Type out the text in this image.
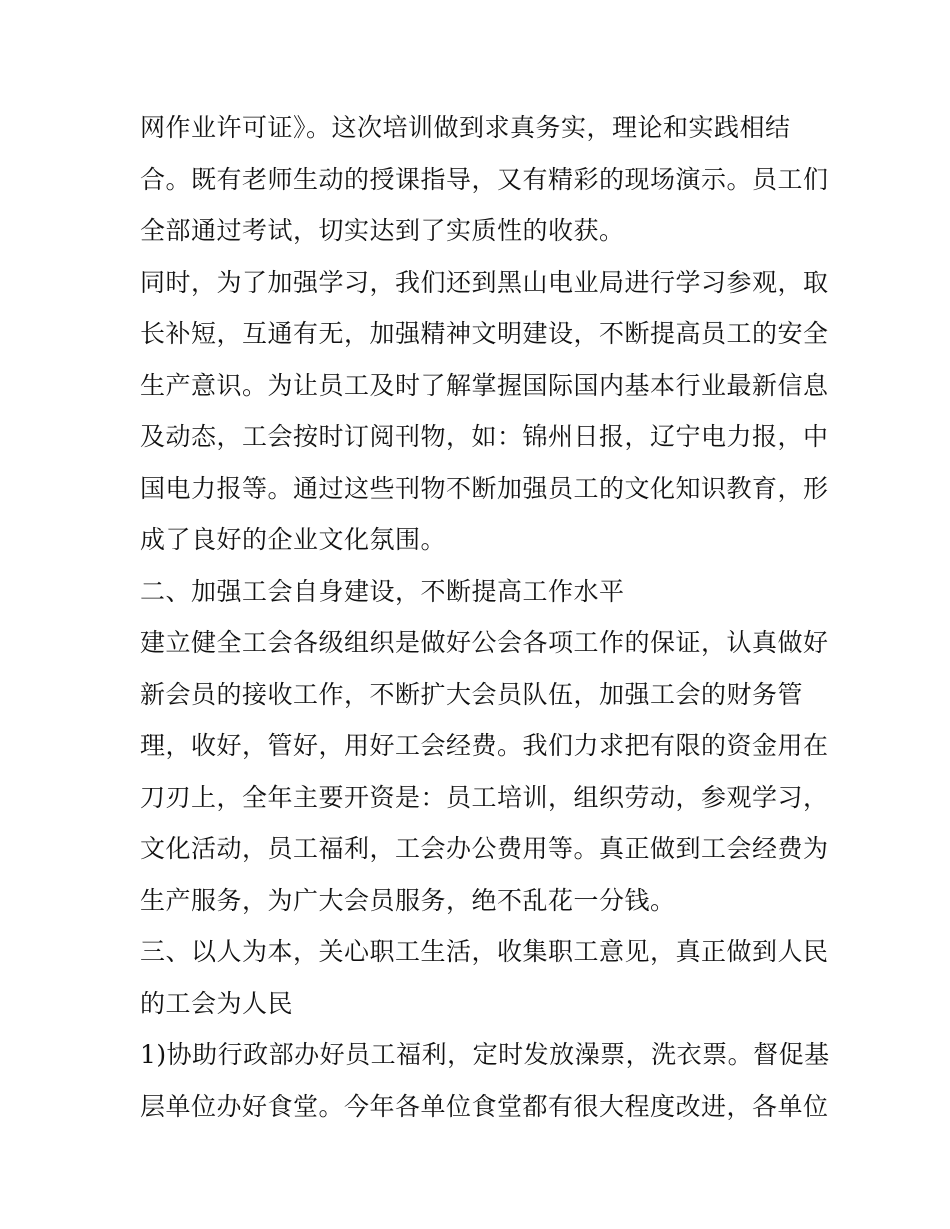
网作业许可证》。这次培训做到求真务实，理论和实践相结
合。既有老师生动的授课指导，又有精彩的现场演示。员工们
全部通过考试，切实达到了实质性的收获。
同时，为了加强学习，我们还到黑山电业局进行学习参观，取
长补短，互通有无，加强精神文明建设，不断提高员工的安全
生产意识。为让员工及时了解掌握国际国内基本行业最新信息
及动态，工会按时订阅刊物，如：锦州日报，辽宁电力报，中
国电力报等。通过这些刊物不断加强员工的文化知识教育，形
成了良好的企业文化氛围。
二、加强工会自身建设，不断提高工作水平
建立健全工会各级组织是做好公会各项工作的保证，认真做好
新会员的接收工作，不断扩大会员队伍，加强工会的财务管
理，收好，管好，用好工会经费。我们力求把有限的资金用在
刀刃上，全年主要开资是：员工培训，组织劳动，参观学习，
文化活动，员工福利，工会办公费用等。真正做到工会经费为
生产服务，为广大会员服务，绝不乱花一分钱。
三、以人为本，关心职工生活，收集职工意见，真正做到人民
的工会为人民
1)协助行政部办好员工福利，定时发放澡票，洗衣票。督促基
层单位办好食堂。今年各单位食堂都有很大程度改进，各单位
